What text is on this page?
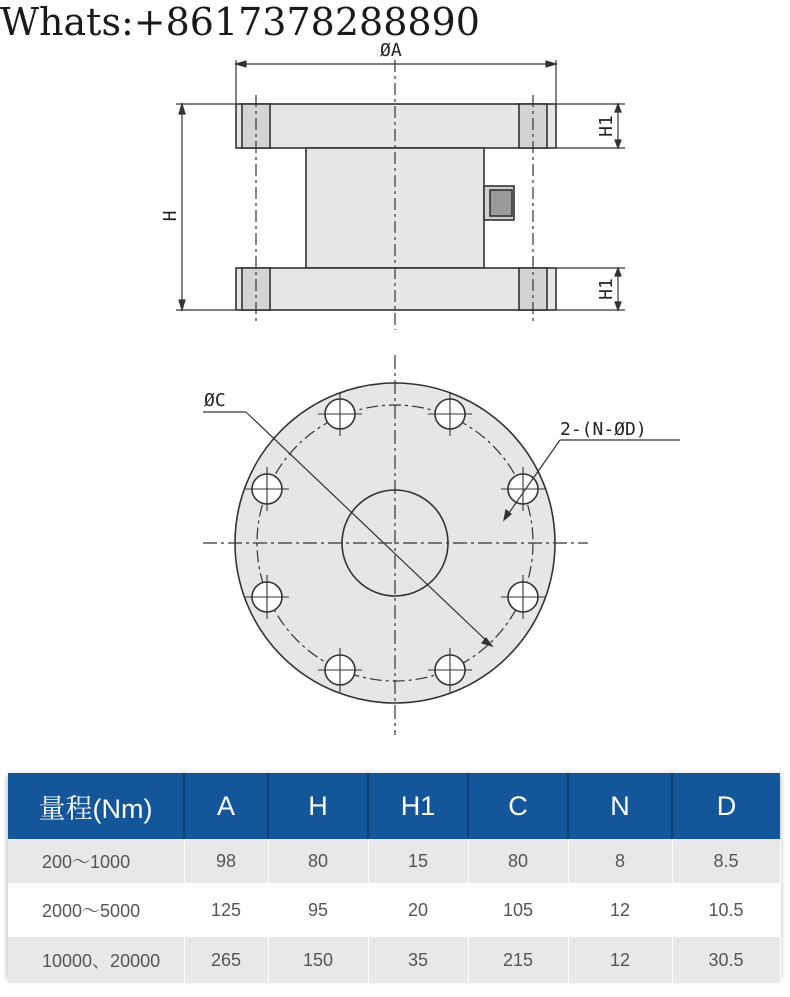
Whats:+8617378288890
ØA
H
H1
H1
ØC
2-(N-ØD)
量程(Nm)	A	H	H1	C	N	D
200～1000	98	80	15	80	8	8.5
2000～5000	125	95	20	105	12	10.5
10000、20000	265	150	35	215	12	30.5
